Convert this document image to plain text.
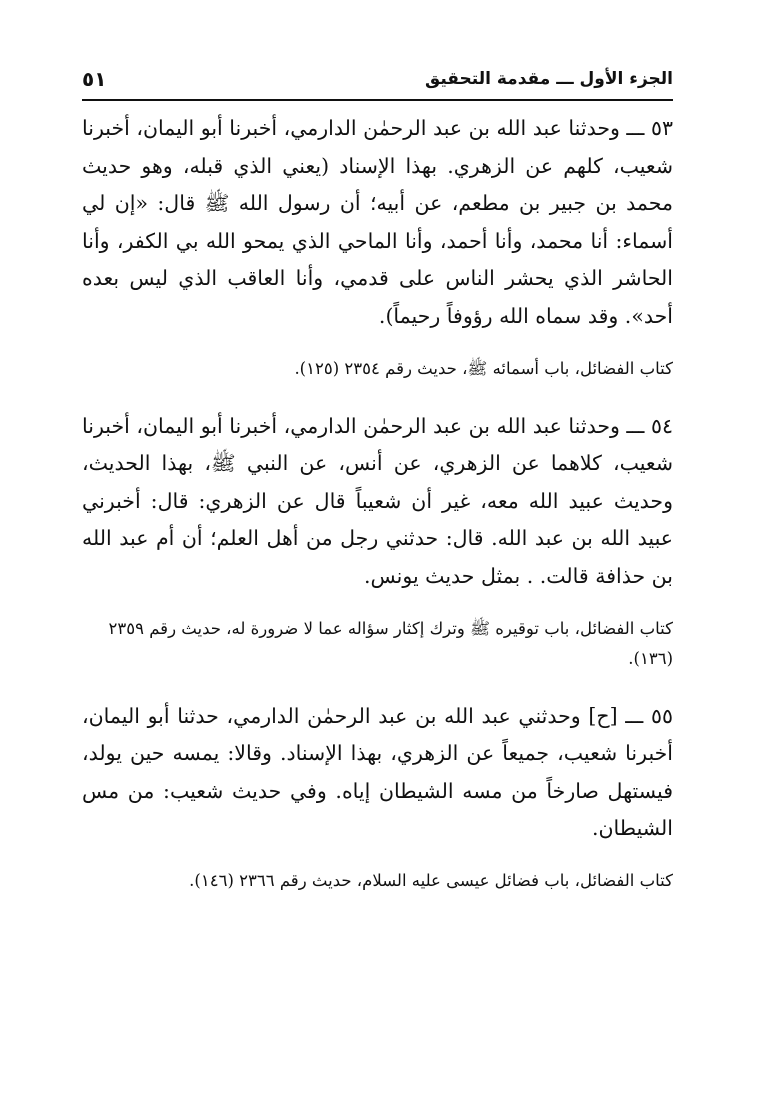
الجزء الأول ـــ مقدمة التحقيق
٥١

٥٣ ـــ وحدثنا عبد الله بن عبد الرحمٰن الدارمي، أخبرنا أبو اليمان، أخبرنا شعيب، كلهم عن الزهري. بهذا الإسناد (يعني الذي قبله، وهو حديث محمد بن جبير بن مطعم، عن أبيه؛ أن رسول الله ﷺ قال: «إن لي أسماء: أنا محمد، وأنا أحمد، وأنا الماحي الذي يمحو الله بي الكفر، وأنا الحاشر الذي يحشر الناس على قدمي، وأنا العاقب الذي ليس بعده أحد». وقد سماه الله رؤوفاً رحيماً).

كتاب الفضائل، باب أسمائه ﷺ، حديث رقم ٢٣٥٤ (١٢٥).

٥٤ ـــ وحدثنا عبد الله بن عبد الرحمٰن الدارمي، أخبرنا أبو اليمان، أخبرنا شعيب، كلاهما عن الزهري، عن أنس، عن النبي ﷺ، بهذا الحديث، وحديث عبيد الله معه، غير أن شعيباً قال عن الزهري: قال: أخبرني عبيد الله بن عبد الله. قال: حدثني رجل من أهل العلم؛ أن أم عبد الله بن حذافة قالت. . بمثل حديث يونس.

كتاب الفضائل، باب توقيره ﷺ وترك إكثار سؤاله عما لا ضرورة له، حديث رقم ٢٣٥٩ (١٣٦).

٥٥ ـــ [ح] وحدثني عبد الله بن عبد الرحمٰن الدارمي، حدثنا أبو اليمان، أخبرنا شعيب، جميعاً عن الزهري، بهذا الإسناد. وقالا: يمسه حين يولد، فيستهل صارخاً من مسه الشيطان إياه. وفي حديث شعيب: من مس الشيطان.

كتاب الفضائل، باب فضائل عيسى عليه السلام، حديث رقم ٢٣٦٦ (١٤٦).
